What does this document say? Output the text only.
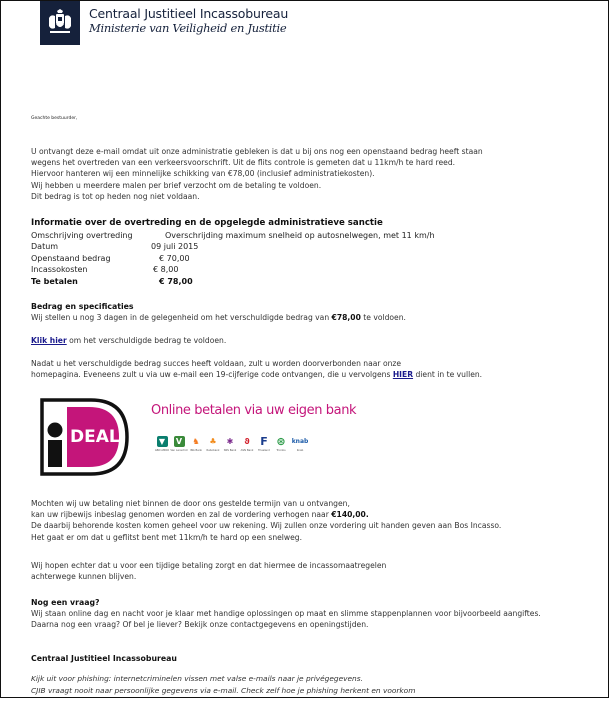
Centraal Justitieel Incassobureau
Ministerie van Veiligheid en Justitie
Geachte bestuurder,
U ontvangt deze e-mail omdat uit onze administratie gebleken is dat u bij ons nog een openstaand bedrag heeft staan
wegens het overtreden van een verkeersvoorschrift. Uit de flits controle is gemeten dat u 11km/h te hard reed.
Hiervoor hanteren wij een minnelijke schikking van €78,00 (inclusief administratiekosten).
Wij hebben u meerdere malen per brief verzocht om de betaling te voldoen.
Dit bedrag is tot op heden nog niet voldaan.
Informatie over de overtreding en de opgelegde administratieve sanctie
Omschrijving overtreding	Overschrijding maximum snelheid op autosnelwegen, met 11 km/h
Datum	09 juli 2015
Openstaand bedrag	€ 70,00
Incassokosten	€ 8,00
Te betalen	€ 78,00
Bedrag en specificaties
Wij stellen u nog 3 dagen in de gelegenheid om het verschuldigde bedrag van €78,00 te voldoen.
Klik hier om het verschuldigde bedrag te voldoen.
Nadat u het verschuldigde bedrag succes heeft voldaan, zult u worden doorverbonden naar onze
homepagina. Eveneens zult u via uw e-mail een 19-cijferige code ontvangen, die u vervolgens HIER dient in te vullen.
DEAL
Online betalen via uw eigen bank
▼
ABN AMRO
V
Van Lanschot
♞
ING Bank
♣
Rabobank
✱
SNS Bank
ϑ
ASN Bank
F
Friesland
⊛
Triodos
knab
Knab
Mochten wij uw betaling niet binnen de door ons gestelde termijn van u ontvangen,
kan uw rijbewijs inbeslag genomen worden en zal de vordering verhogen naar €140,00.
De daarbij behorende kosten komen geheel voor uw rekening. Wij zullen onze vordering uit handen geven aan Bos Incasso.
Het gaat er om dat u geflitst bent met 11km/h te hard op een snelweg.
Wij hopen echter dat u voor een tijdige betaling zorgt en dat hiermee de incassomaatregelen
achterwege kunnen blijven.
Nog een vraag?
Wij staan online dag en nacht voor je klaar met handige oplossingen op maat en slimme stappenplannen voor bijvoorbeeld aangiftes.
Daarna nog een vraag? Of bel je liever? Bekijk onze contactgegevens en openingstijden.
Centraal Justitieel Incassobureau
Kijk uit voor phishing: internetcriminelen vissen met valse e-mails naar je privégegevens.
CJIB vraagt nooit naar persoonlijke gegevens via e-mail. Check zelf hoe je phishing herkent en voorkom
